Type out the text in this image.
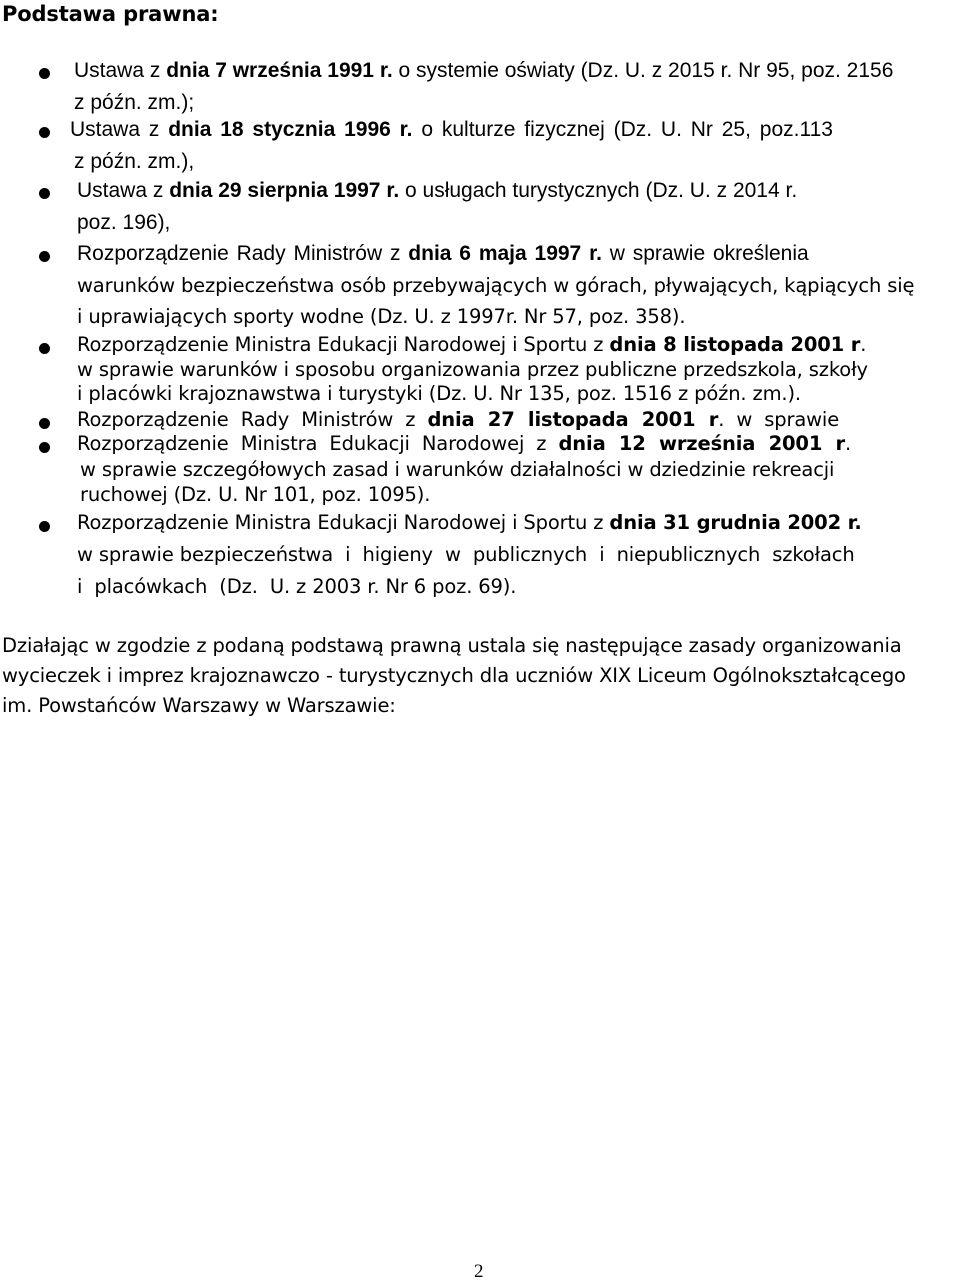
Podstawa prawna:
Ustawa z dnia 7 września 1991 r. o systemie oświaty (Dz. U. z 2015 r. Nr 95, poz. 2156
z późn. zm.);
Ustawa z dnia 18 stycznia 1996 r. o kulturze fizycznej (Dz. U. Nr 25, poz.113
z późn. zm.),
Ustawa z dnia 29 sierpnia 1997 r. o usługach turystycznych (Dz. U. z 2014 r.
poz. 196),
Rozporządzenie Rady Ministrów z dnia 6 maja 1997 r. w sprawie określenia
warunków bezpieczeństwa osób przebywających w górach, pływających, kąpiących się
i uprawiających sporty wodne (Dz. U. z 1997r. Nr 57, poz. 358).
Rozporządzenie Ministra Edukacji Narodowej i Sportu z dnia 8 listopada 2001 r.
w sprawie warunków i sposobu organizowania przez publiczne przedszkola, szkoły
i placówki krajoznawstwa i turystyki (Dz. U. Nr 135, poz. 1516 z późn. zm.).
Rozporządzenie  Rady  Ministrów  z  dnia  27  listopada  2001  r.  w  sprawie
Rozporządzenie  Ministra  Edukacji  Narodowej  z  dnia  12  września  2001  r.
w sprawie szczegółowych zasad i warunków działalności w dziedzinie rekreacji
ruchowej (Dz. U. Nr 101, poz. 1095).
Rozporządzenie Ministra Edukacji Narodowej i Sportu z dnia 31 grudnia 2002 r.
w sprawie bezpieczeństwa  i  higieny  w  publicznych  i  niepublicznych  szkołach
i  placówkach  (Dz.  U. z 2003 r. Nr 6 poz. 69).
Działając w zgodzie z podaną podstawą prawną ustala się następujące zasady organizowania
wycieczek i imprez krajoznawczo - turystycznych dla uczniów XIX Liceum Ogólnokształcącego
im. Powstańców Warszawy w Warszawie:
2
